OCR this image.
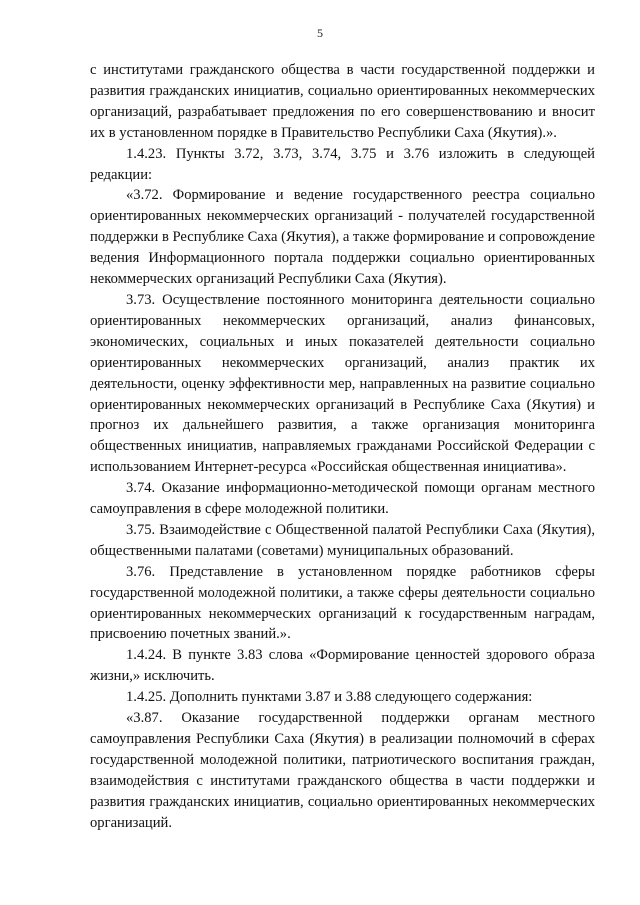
5

с институтами гражданского общества в части государственной поддержки и развития гражданских инициатив, социально ориентированных некоммерческих организаций, разрабатывает предложения по его совершенствованию и вносит их в установленном порядке в Правительство Республики Саха (Якутия).».

1.4.23. Пункты 3.72, 3.73, 3.74, 3.75 и 3.76 изложить в следующей редакции:

«3.72. Формирование и ведение государственного реестра социально ориентированных некоммерческих организаций - получателей государственной поддержки в Республике Саха (Якутия), а также формирование и сопровождение ведения Информационного портала поддержки социально ориентированных некоммерческих организаций Республики Саха (Якутия).

3.73. Осуществление постоянного мониторинга деятельности социально ориентированных некоммерческих организаций, анализ финансовых, экономических, социальных и иных показателей деятельности социально ориентированных некоммерческих организаций, анализ практик их деятельности, оценку эффективности мер, направленных на развитие социально ориентированных некоммерческих организаций в Республике Саха (Якутия) и прогноз их дальнейшего развития, а также организация мониторинга общественных инициатив, направляемых гражданами Российской Федерации с использованием Интернет-ресурса «Российская общественная инициатива».

3.74. Оказание информационно-методической помощи органам местного самоуправления в сфере молодежной политики.

3.75. Взаимодействие с Общественной палатой Республики Саха (Якутия), общественными палатами (советами) муниципальных образований.

3.76. Представление в установленном порядке работников сферы государственной молодежной политики, а также сферы деятельности социально ориентированных некоммерческих организаций к государственным наградам, присвоению почетных званий.».

1.4.24. В пункте 3.83 слова «Формирование ценностей здорового образа жизни,» исключить.

1.4.25. Дополнить пунктами 3.87 и 3.88 следующего содержания:

«3.87. Оказание государственной поддержки органам местного самоуправления Республики Саха (Якутия) в реализации полномочий в сферах государственной молодежной политики, патриотического воспитания граждан, взаимодействия с институтами гражданского общества в части поддержки и развития гражданских инициатив, социально ориентированных некоммерческих организаций.
